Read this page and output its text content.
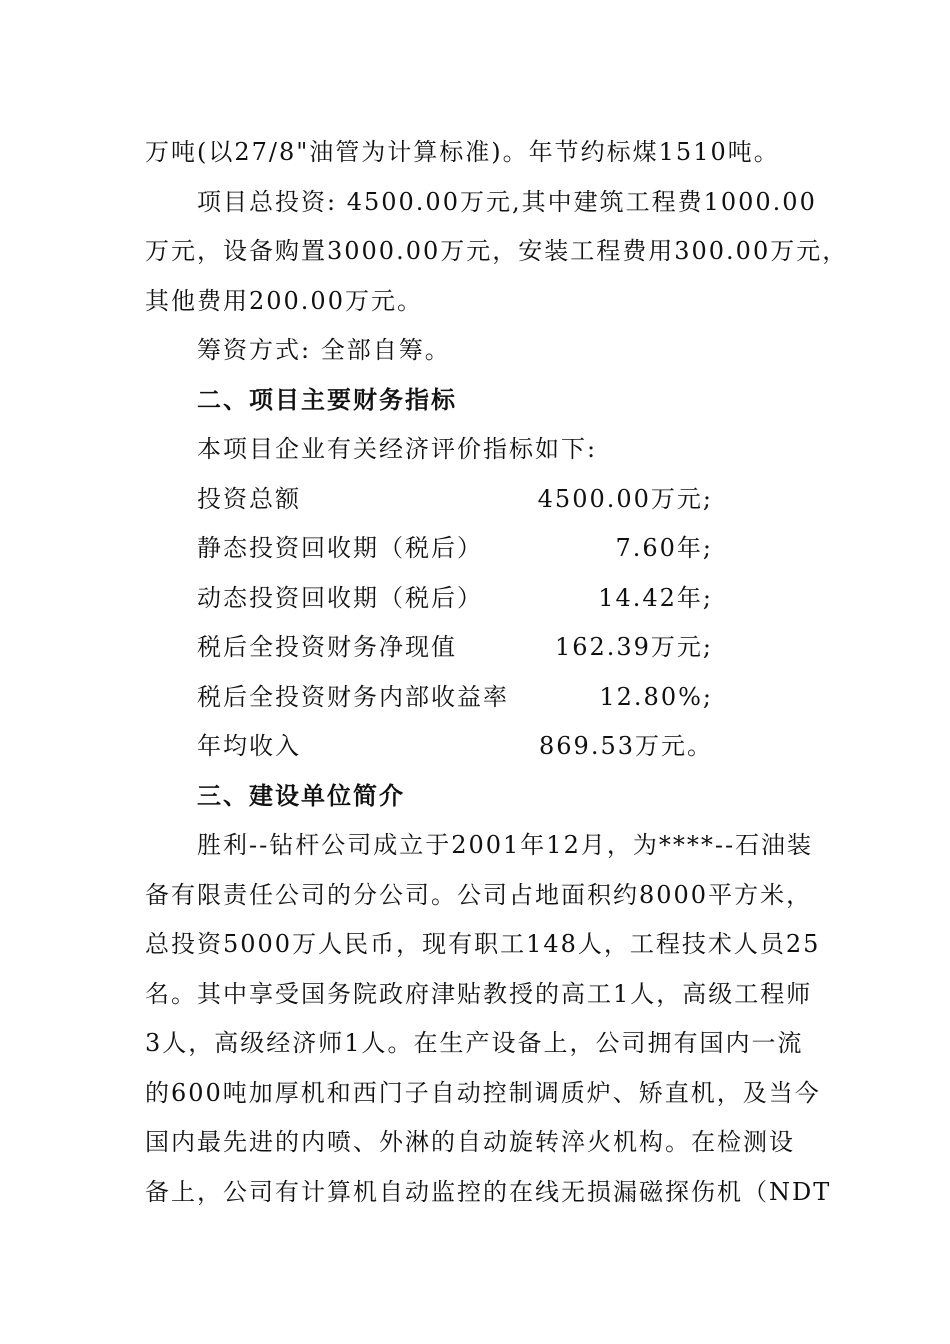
万吨(以27/8"油管为计算标准)。年节约标煤1510吨。
项目总投资: 4500.00万元,其中建筑工程费1000.00
万元，设备购置3000.00万元，安装工程费用300.00万元，
其他费用200.00万元。
筹资方式: 全部自筹。
二、项目主要财务指标
本项目企业有关经济评价指标如下:
投资总额	4500.00万元;
静态投资回收期（税后）	7.60年;
动态投资回收期（税后）	14.42年;
税后全投资财务净现值	162.39万元;
税后全投资财务内部收益率	12.80%;
年均收入	869.53万元。
三、建设单位简介
胜利--钻杆公司成立于2001年12月，为****--石油装
备有限责任公司的分公司。公司占地面积约8000平方米，
总投资5000万人民币，现有职工148人，工程技术人员25
名。其中享受国务院政府津贴教授的高工1人，高级工程师
3人，高级经济师1人。在生产设备上，公司拥有国内一流
的600吨加厚机和西门子自动控制调质炉、矫直机，及当今
国内最先进的内喷、外淋的自动旋转淬火机构。在检测设
备上，公司有计算机自动监控的在线无损漏磁探伤机（NDT
